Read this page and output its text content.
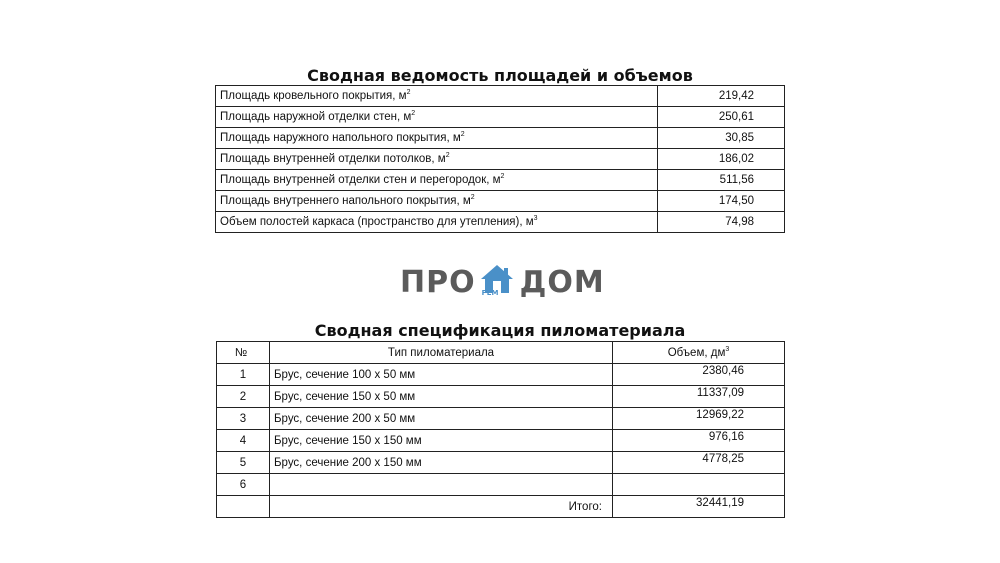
Сводная ведомость площадей и объемов
Площадь кровельного покрытия, $м^2$	219,42
Площадь наружной отделки стен, $м^2$	250,61
Площадь наружного напольного покрытия, $м^2$	30,85
Площадь внутренней отделки потолков, $м^2$	186,02
Площадь внутренней отделки стен и перегородок, $м^2$	511,56
Площадь внутреннего напольного покрытия, $м^2$	174,50
Объем полостей каркаса (пространство для утепления), $м^3$	74,98
ПРО РЕМ ДОМ
Сводная спецификация пиломатериала
№	Тип пиломатериала	Объем, $дм^3$
1	Брус, сечение 100 х 50 мм	2380,46
2	Брус, сечение 150 х 50 мм	11337,09
3	Брус, сечение 200 х 50 мм	12969,22
4	Брус, сечение 150 х 150 мм	976,16
5	Брус, сечение 200 х 150 мм	4778,25
6		
	Итого:	32441,19
